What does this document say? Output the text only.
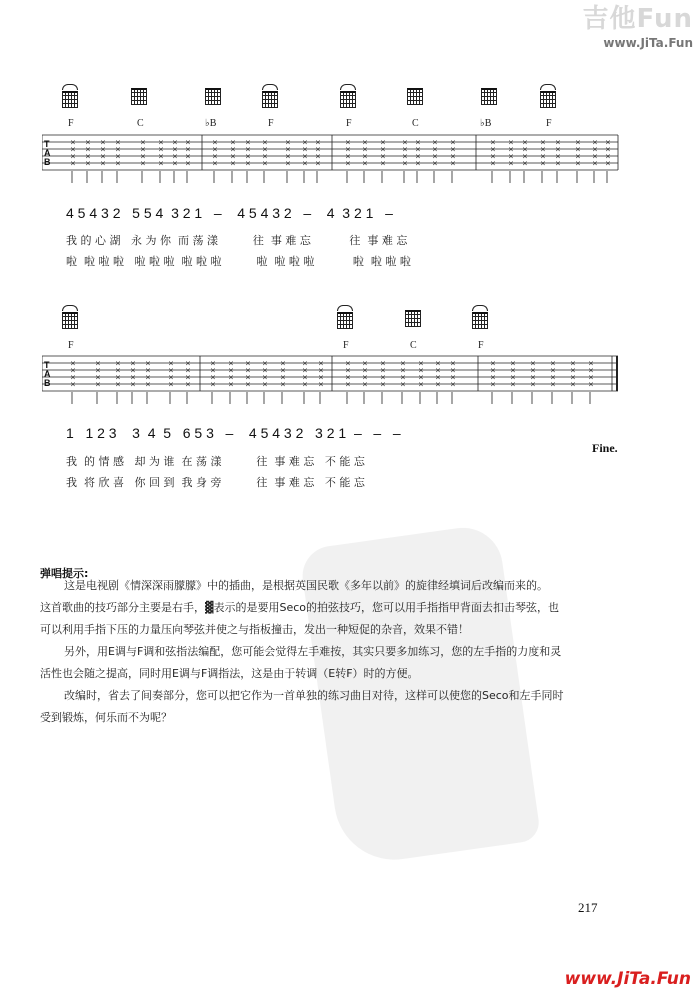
吉他Fun
www.JiTa.Fun
F	C	♭B	F	F	C	♭B	F
×
×
×
×
×
×
×
×
×
×
×
×
×
×
×
×
×
×
×
×
×
×
×
×
×
×
×
×
×
×
×
×
×
×
×
×
×
×
×
×
×
×
×
×
×
×
×
×
×
×
×
×
×
×
×
×
×
×
×
×
×
×
×
×
×
×
×
×
×
×
×
×
×
×
×
×
×
×
×
×
×
×
×
×
×
×
×
×
×
×
×
×
×
×
×
×
×
×
×
×
×
×
×
×
×
×
×
×
×
×
×
×
×
×
×
×
×
×
×
×
T
A
B
4 5 4 3 2   5 5 4  3 2 1   –    4 5 4 3 2   –    4  3 2 1   –
我 的 心 湖   永 为 你  而 荡 漾          往  事 难 忘           往  事 难 忘
啦  啦 啦 啦   啦 啦 啦  啦 啦 啦          啦  啦 啦 啦           啦  啦 啦 啦
F	F	C	F
×
×
×
×
×
×
×
×
×
×
×
×
×
×
×
×
×
×
×
×
×
×
×
×
×
×
×
×
×
×
×
×
×
×
×
×
×
×
×
×
×
×
×
×
×
×
×
×
×
×
×
×
×
×
×
×
×
×
×
×
×
×
×
×
×
×
×
×
×
×
×
×
×
×
×
×
×
×
×
×
×
×
×
×
×
×
×
×
×
×
×
×
×
×
×
×
×
×
×
×
×
×
×
×
×
×
×
×
T
A
B
1   1 2 3    3  4  5   6 5 3   –    4 5 4 3 2   3 2 1  –   –   –
我  的 情 感   却 为 谁  在 荡 漾          往  事 难 忘   不 能 忘
我  将 欣 喜   你 回 到  我 身 旁          往  事 难 忘   不 能 忘
Fine.
弹唱提示:

这是电视剧《情深深雨朦朦》中的插曲，是根据英国民歌《多年以前》的旋律经填词后改编而来的。

这首歌曲的技巧部分主要是右手，▓表示的是要用Seco的拍弦技巧，您可以用手指指甲背面去扣击琴弦，也

可以利用手指下压的力量压向琴弦并使之与指板撞击，发出一种短促的杂音，效果不错！

另外，用E调与F调和弦指法编配，您可能会觉得左手难按，其实只要多加练习，您的左手指的力度和灵

活性也会随之提高，同时用E调与F调指法，这是由于转调（E转F）时的方便。

改编时，省去了间奏部分，您可以把它作为一首单独的练习曲目对待，这样可以使您的Seco和左手同时

受到锻炼，何乐而不为呢？

217
www.JiTa.Fun
